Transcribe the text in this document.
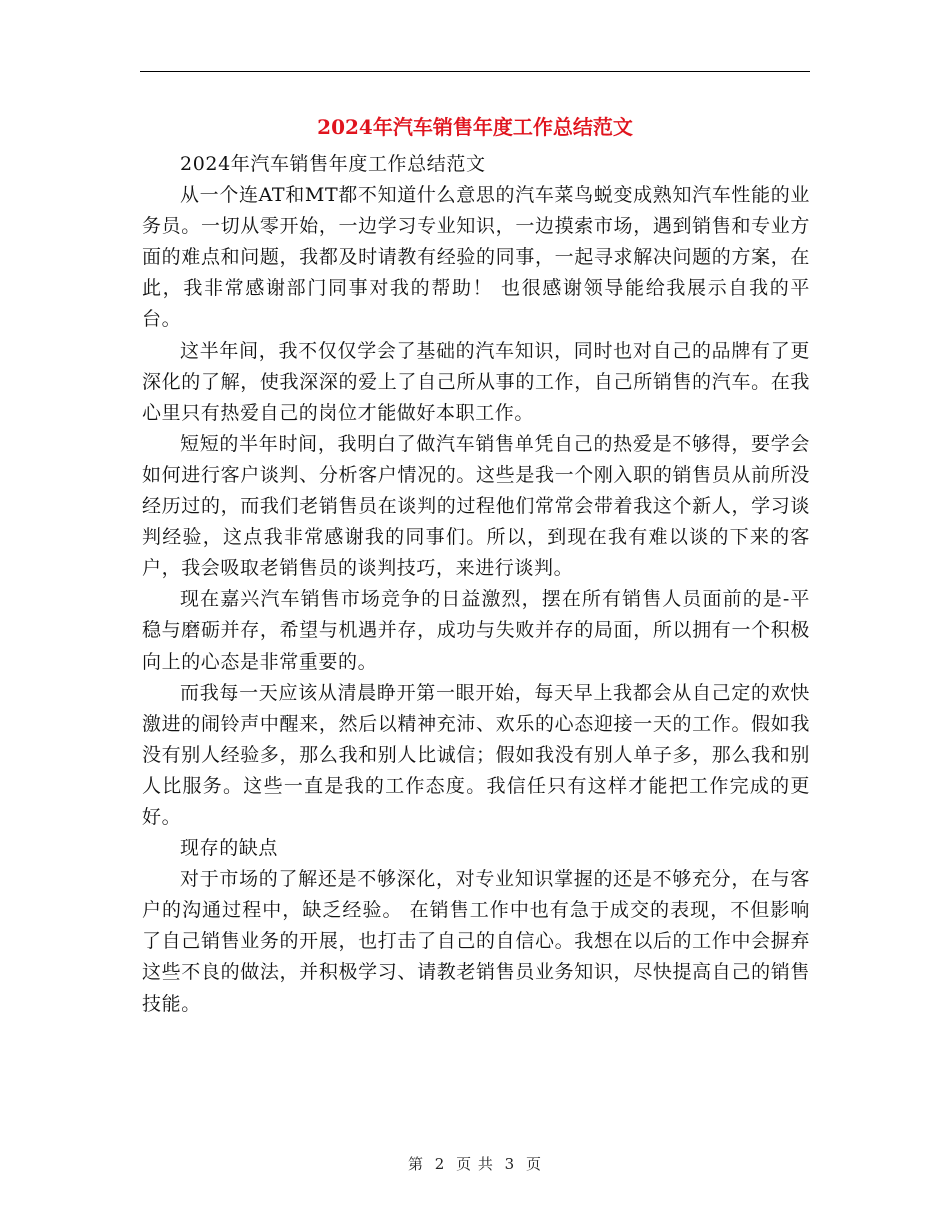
2024年汽车销售年度工作总结范文

2024年汽车销售年度工作总结范文

从一个连AT和MT都不知道什么意思的汽车菜鸟蜕变成熟知汽车性能的业务员。一切从零开始，一边学习专业知识，一边摸索市场，遇到销售和专业方面的难点和问题，我都及时请教有经验的同事，一起寻求解决问题的方案，在此，我非常感谢部门同事对我的帮助！ 也很感谢领导能给我展示自我的平台。

这半年间，我不仅仅学会了基础的汽车知识，同时也对自己的品牌有了更深化的了解，使我深深的爱上了自己所从事的工作，自己所销售的汽车。在我心里只有热爱自己的岗位才能做好本职工作。

短短的半年时间，我明白了做汽车销售单凭自己的热爱是不够得，要学会如何进行客户谈判、分析客户情况的。这些是我一个刚入职的销售员从前所没经历过的，而我们老销售员在谈判的过程他们常常会带着我这个新人，学习谈判经验，这点我非常感谢我的同事们。所以，到现在我有难以谈的下来的客户，我会吸取老销售员的谈判技巧，来进行谈判。

现在嘉兴汽车销售市场竞争的日益激烈，摆在所有销售人员面前的是-平稳与磨砺并存，希望与机遇并存，成功与失败并存的局面，所以拥有一个积极向上的心态是非常重要的。

而我每一天应该从清晨睁开第一眼开始，每天早上我都会从自己定的欢快激进的闹铃声中醒来，然后以精神充沛、欢乐的心态迎接一天的工作。假如我没有别人经验多，那么我和别人比诚信；假如我没有别人单子多，那么我和别人比服务。这些一直是我的工作态度。我信任只有这样才能把工作完成的更好。

现存的缺点

对于市场的了解还是不够深化，对专业知识掌握的还是不够充分，在与客户的沟通过程中，缺乏经验。 在销售工作中也有急于成交的表现，不但影响了自己销售业务的开展，也打击了自己的自信心。我想在以后的工作中会摒弃这些不良的做法，并积极学习、请教老销售员业务知识，尽快提高自己的销售技能。

第 2 页 共 3 页
